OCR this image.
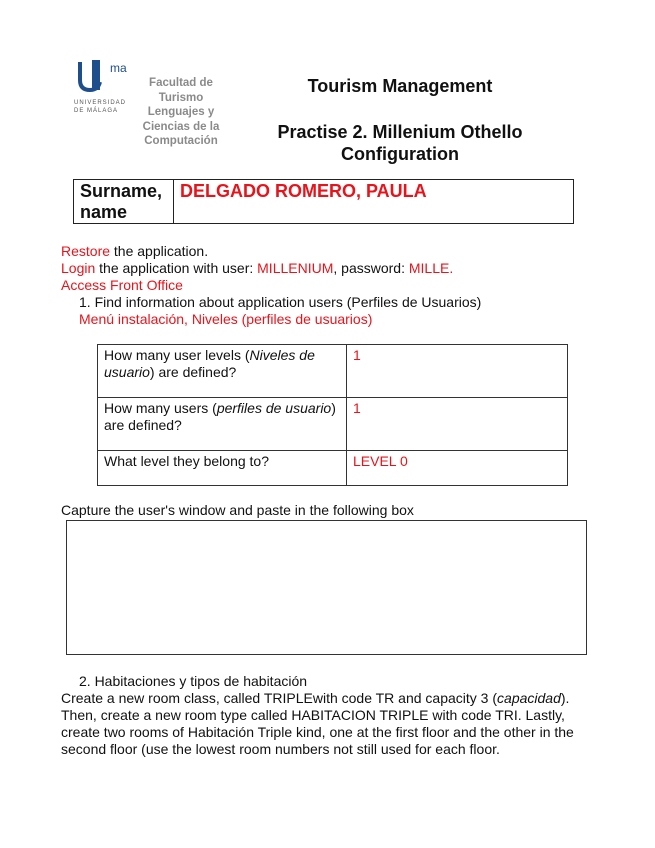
ma
UNIVERSIDAD
DE MÁLAGA
Facultad de
Turismo
Lenguajes y
Ciencias de la
Computación
Tourism Management
Practise 2. Millenium Othello
Configuration
Surname,
name
DELGADO ROMERO, PAULA
Restore the application.
Login the application with user: MILLENIUM, password: MILLE.
Access Front Office
1. Find information about application users (Perfiles de Usuarios)
Menú instalación, Niveles (perfiles de usuarios)
How many user levels (Niveles de usuario) are defined?	1
How many users (perfiles de usuario) are defined?	1
What level they belong to?	LEVEL 0
Capture the user's window and paste in the following box
2. Habitaciones y tipos de habitación
Create a new room class, called TRIPLEwith code TR and capacity 3 (capacidad). Then, create a new room type called HABITACION TRIPLE with code TRI. Lastly, create two rooms of Habitación Triple kind, one at the first floor and the other in the second floor (use the lowest room numbers not still used for each floor.
